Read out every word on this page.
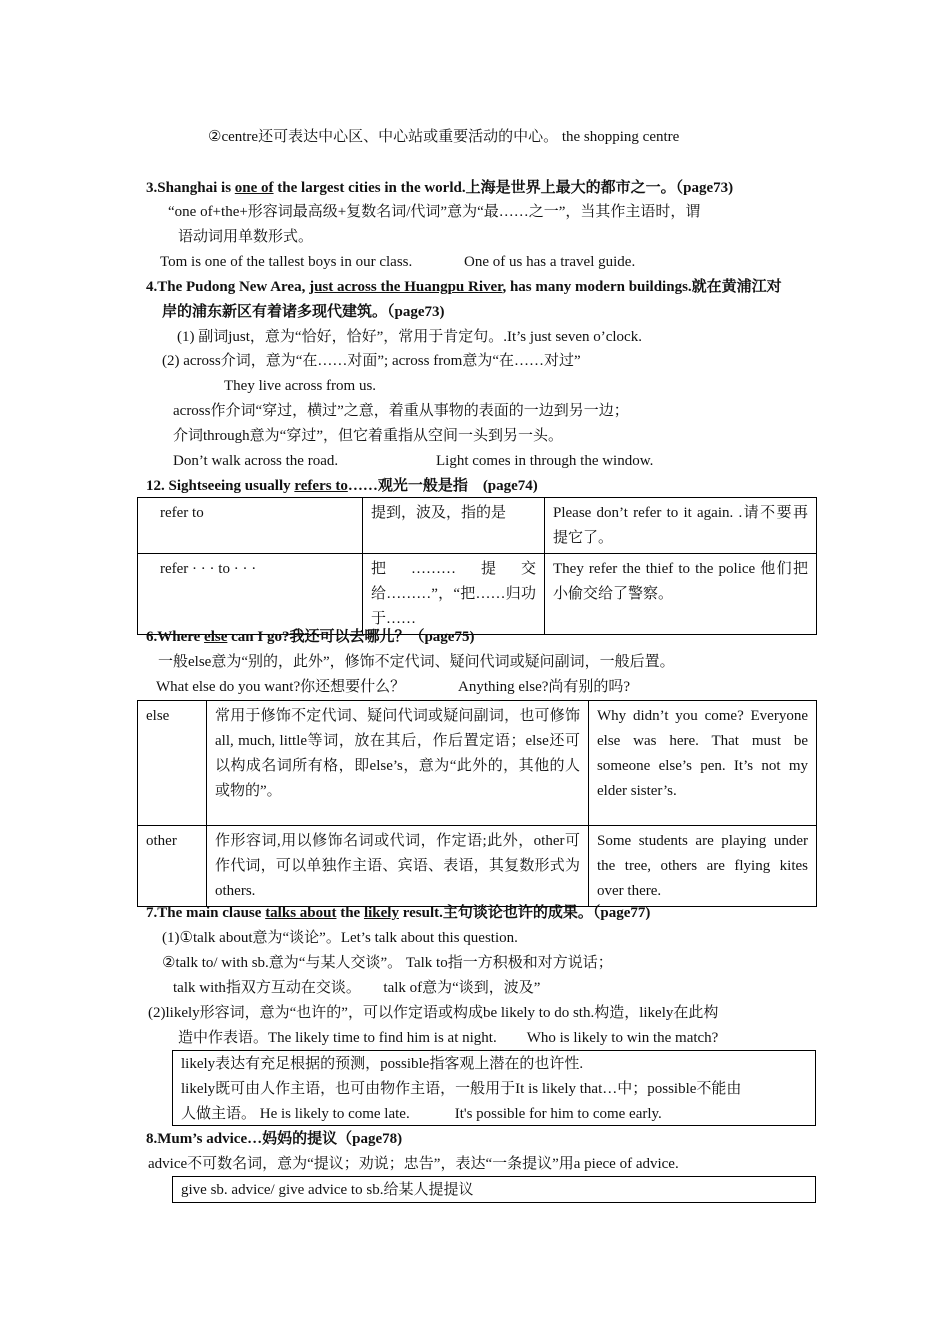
②centre还可表达中心区、中心站或重要活动的中心。 the shopping centre
3.Shanghai is one of the largest cities in the world.上海是世界上最大的都市之一。（page73)
“one of+the+形容词最高级+复数名词/代词”意为“最……之一”，当其作主语时，谓
语动词用单数形式。
Tom is one of the tallest boys in our class.	One of us has a travel guide.
4.The Pudong New Area, just across the Huangpu River, has many modern buildings.就在黄浦江对
岸的浦东新区有着诸多现代建筑。（page73)
(1) 副词just，意为“恰好，恰好”，常用于肯定句。.It’s just seven o’clock.
(2) across介词，意为“在……对面”; across from意为“在……对过”
They live across from us.
across作介词“穿过，横过”之意，着重从事物的表面的一边到另一边；
介词through意为“穿过”，但它着重指从空间一头到另一头。
Don’t walk across the road.	Light comes in through the window.
12. Sightseeing usually refers to……观光一般是指　(page74)
refer to	提到，波及，指的是	Please don’t refer to it again. .请不要再提它了。
refer · · · to · · ·	把………提交给………”，“把……归功于……	They refer the thief to the police 他们把小偷交给了警察。
6.Where else can I go?我还可以去哪儿？（page75)
一般else意为“别的，此外”，修饰不定代词、疑问代词或疑问副词，一般后置。
What else do you want?你还想要什么？	Anything else?尚有别的吗?
else	常用于修饰不定代词、疑问代词或疑问副词，也可修饰all, much, little等词，放在其后，作后置定语；else还可以构成名词所有格，即else’s，意为“此外的，其他的人或物的”。	Why didn’t you come? Everyone else was here. That must be someone else’s pen. It’s not my elder sister’s.
other	作形容词,用以修饰名词或代词，作定语;此外，other可作代词，可以单独作主语、宾语、表语，其复数形式为others.	Some students are playing under the tree, others are flying kites over there.
7.The main clause talks about the likely result.主句谈论也许的成果。（page77)
(1)①talk about意为“谈论”。Let’s talk about this question.
②talk to/ with sb.意为“与某人交谈”。 Talk to指一方积极和对方说话；
talk with指双方互动在交谈。　　talk of意为“谈到，波及”
(2)likely形容词，意为“也许的”，可以作定语或构成be likely to do sth.构造，likely在此构
造中作表语。The likely time to find him is at night.　　Who is likely to win the match?
likely表达有充足根据的预测，possible指客观上潜在的也许性.
likely既可由人作主语，也可由物作主语，一般用于It is likely that…中；possible不能由
人做主语。 He is likely to come late.　　　It's possible for him to come early.
8.Mum’s advice…妈妈的提议（page78)
advice不可数名词，意为“提议；劝说；忠告”，表达“一条提议”用a piece of advice.
give sb. advice/ give advice to sb.给某人提提议
